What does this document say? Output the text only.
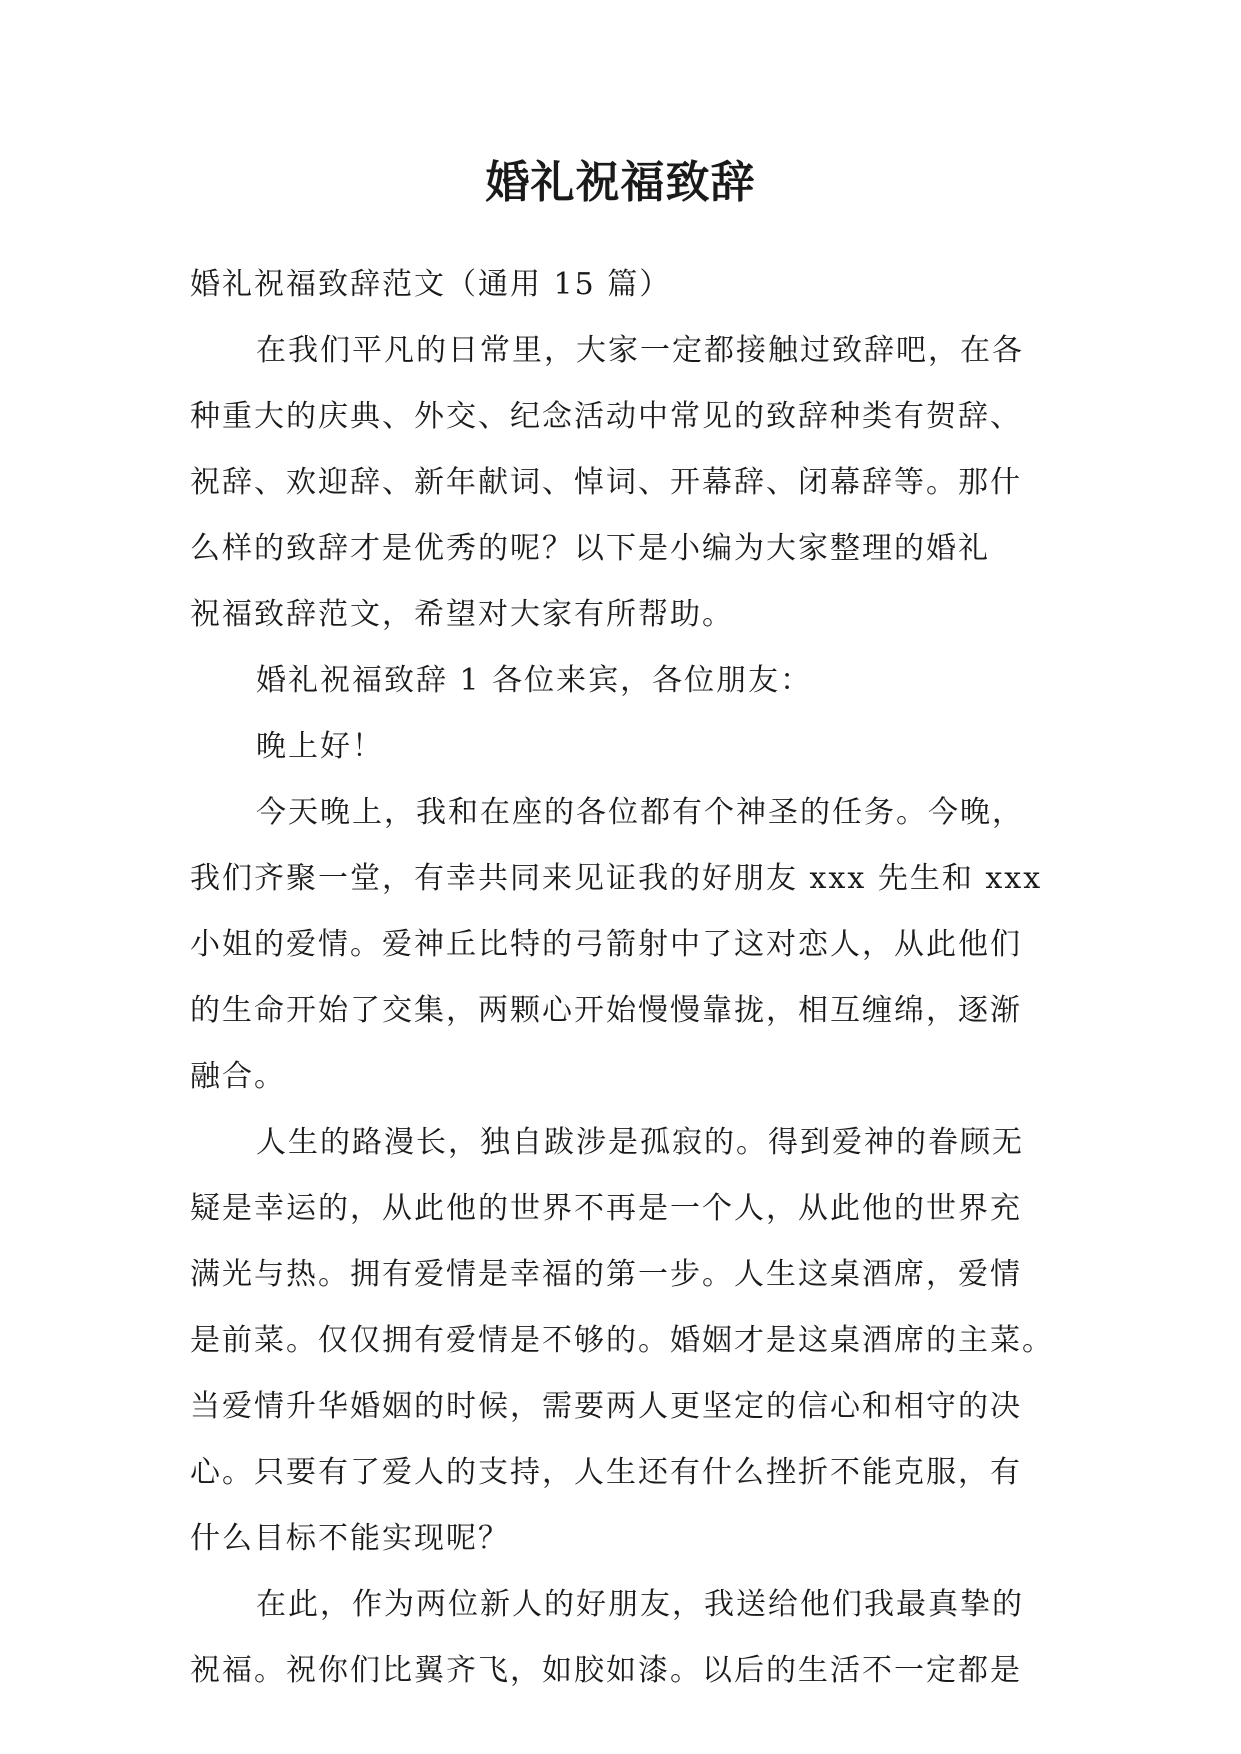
婚礼祝福致辞
婚礼祝福致辞范文（通用 15 篇）
在我们平凡的日常里，大家一定都接触过致辞吧，在各
种重大的庆典、外交、纪念活动中常见的致辞种类有贺辞、
祝辞、欢迎辞、新年献词、悼词、开幕辞、闭幕辞等。那什
么样的致辞才是优秀的呢？以下是小编为大家整理的婚礼
祝福致辞范文，希望对大家有所帮助。
婚礼祝福致辞 1 各位来宾，各位朋友：
晚上好！
今天晚上，我和在座的各位都有个神圣的任务。今晚，
我们齐聚一堂，有幸共同来见证我的好朋友 xxx 先生和 xxx
小姐的爱情。爱神丘比特的弓箭射中了这对恋人，从此他们
的生命开始了交集，两颗心开始慢慢靠拢，相互缠绵，逐渐
融合。
人生的路漫长，独自跋涉是孤寂的。得到爱神的眷顾无
疑是幸运的，从此他的世界不再是一个人，从此他的世界充
满光与热。拥有爱情是幸福的第一步。人生这桌酒席，爱情
是前菜。仅仅拥有爱情是不够的。婚姻才是这桌酒席的主菜。
当爱情升华婚姻的时候，需要两人更坚定的信心和相守的决
心。只要有了爱人的支持，人生还有什么挫折不能克服，有
什么目标不能实现呢？
在此，作为两位新人的好朋友，我送给他们我最真挚的
祝福。祝你们比翼齐飞，如胶如漆。以后的生活不一定都是
